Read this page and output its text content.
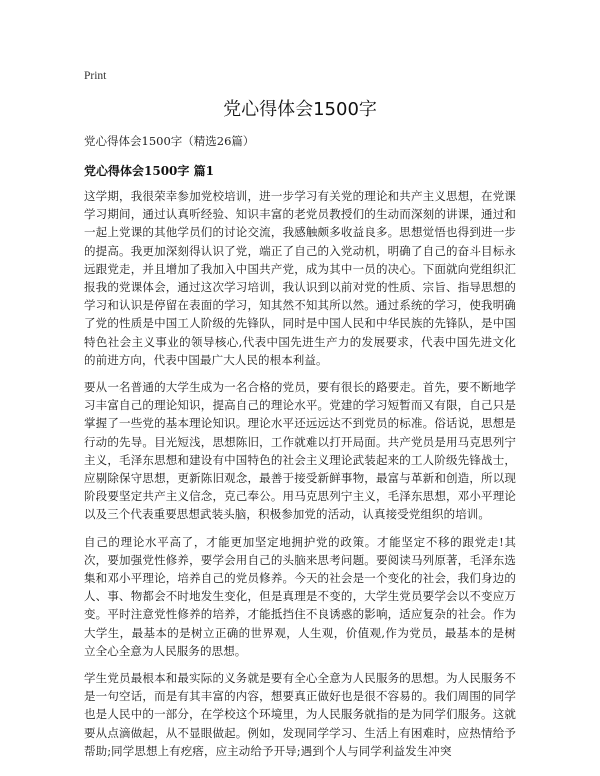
Print
党心得体会1500字
党心得体会1500字（精选26篇）
党心得体会1500字 篇1

这学期，我很荣幸参加党校培训，进一步学习有关党的理论和共产主义思想，在党课学习期间，通过认真听经验、知识丰富的老党员教授们的生动而深刻的讲课，通过和一起上党课的其他学员们的讨论交流，我感触颇多收益良多。思想觉悟也得到进一步的提高。我更加深刻得认识了党，端正了自己的入党动机，明确了自己的奋斗目标永远跟党走，并且增加了我加入中国共产党，成为其中一员的决心。下面就向党组织汇报我的党课体会，通过这次学习培训，我认识到以前对党的性质、宗旨、指导思想的学习和认识是停留在表面的学习，知其然不知其所以然。通过系统的学习，使我明确了党的性质是中国工人阶级的先锋队，同时是中国人民和中华民族的先锋队，是中国特色社会主义事业的领导核心,代表中国先进生产力的发展要求，代表中国先进文化的前进方向，代表中国最广大人民的根本利益。

要从一名普通的大学生成为一名合格的党员，要有很长的路要走。首先，要不断地学习丰富自己的理论知识，提高自己的理论水平。党建的学习短暂而又有限，自己只是掌握了一些党的基本理论知识。理论水平还远远达不到党员的标准。俗话说，思想是行动的先导。目光短浅，思想陈旧，工作就难以打开局面。共产党员是用马克思列宁主义，毛泽东思想和建设有中国特色的社会主义理论武装起来的工人阶级先锋战士，应剔除保守思想，更新陈旧观念，最善于接受新鲜事物，最富与革新和创造，所以现阶段要坚定共产主义信念，克己奉公。用马克思列宁主义，毛泽东思想，邓小平理论以及三个代表重要思想武装头脑，积极参加党的活动，认真接受党组织的培训。

自己的理论水平高了，才能更加坚定地拥护党的政策。才能坚定不移的跟党走!其次，要加强党性修养，要学会用自己的头脑来思考问题。要阅读马列原著，毛泽东选集和邓小平理论，培养自己的党员修养。今天的社会是一个变化的社会，我们身边的人、事、物都会不时地发生变化，但是真理是不变的，大学生党员要学会以不变应万变。平时注意党性修养的培养，才能抵挡住不良诱惑的影响，适应复杂的社会。作为大学生，最基本的是树立正确的世界观，人生观，价值观,作为党员，最基本的是树立全心全意为人民服务的思想。

学生党员最根本和最实际的义务就是要有全心全意为人民服务的思想。为人民服务不是一句空话，而是有其丰富的内容，想要真正做好也是很不容易的。我们周围的同学也是人民中的一部分，在学校这个环境里，为人民服务就指的是为同学们服务。这就要从点滴做起，从不显眼做起。例如，发现同学学习、生活上有困难时，应热情给予帮助;同学思想上有疙瘩，应主动给予开导;遇到个人与同学利益发生冲突
